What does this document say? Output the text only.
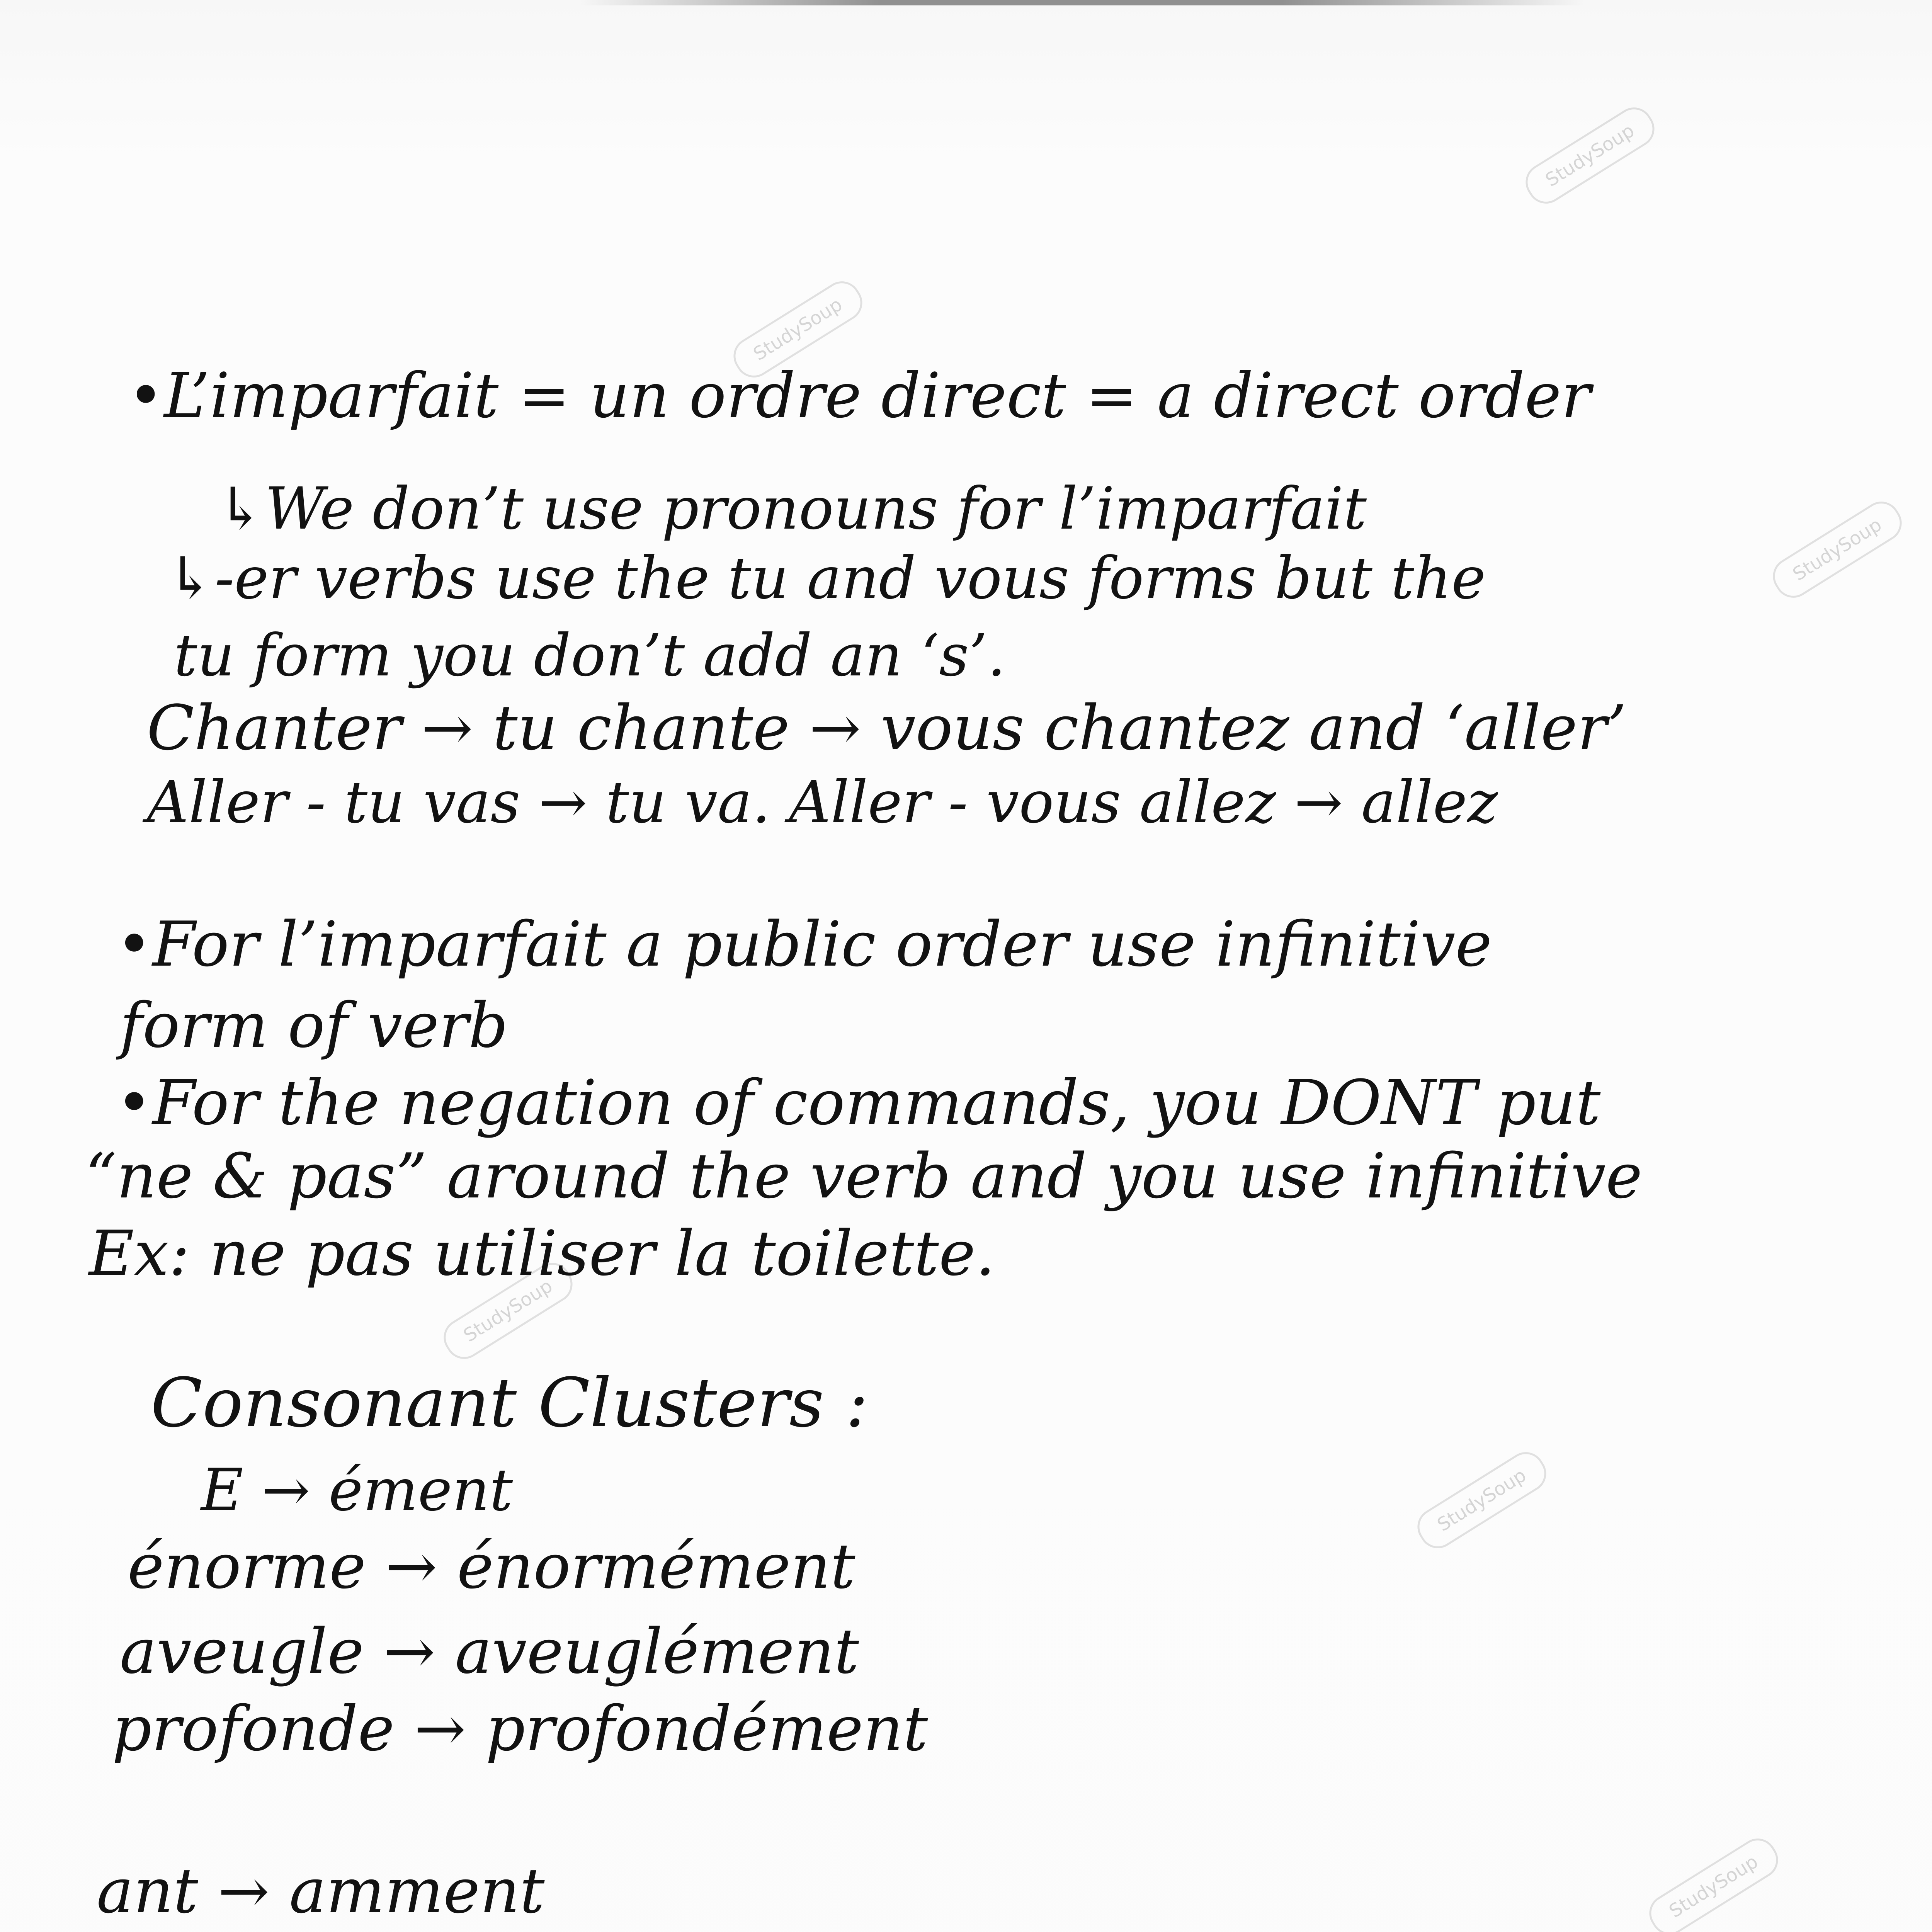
StudySoup
StudySoup
StudySoup
StudySoup
StudySoup
StudySoup

•L’imparfait = un ordre direct = a direct order

↳We don’t use pronouns for l’imparfait

↳-er verbs use the tu and vous forms but the

tu form you don’t add an ‘s’.

Chanter → tu chante → vous chantez and ‘aller’

Aller - tu vas → tu va. Aller - vous allez → allez

•For l’imparfait a public order use infinitive

form of verb

•For the negation of commands, you DONT put

“ne & pas” around the verb and you use infinitive

Ex: ne pas utiliser la toilette.

Consonant Clusters :

E → ément

énorme → énormément

aveugle → aveuglément

profonde → profondément

ant → amment
